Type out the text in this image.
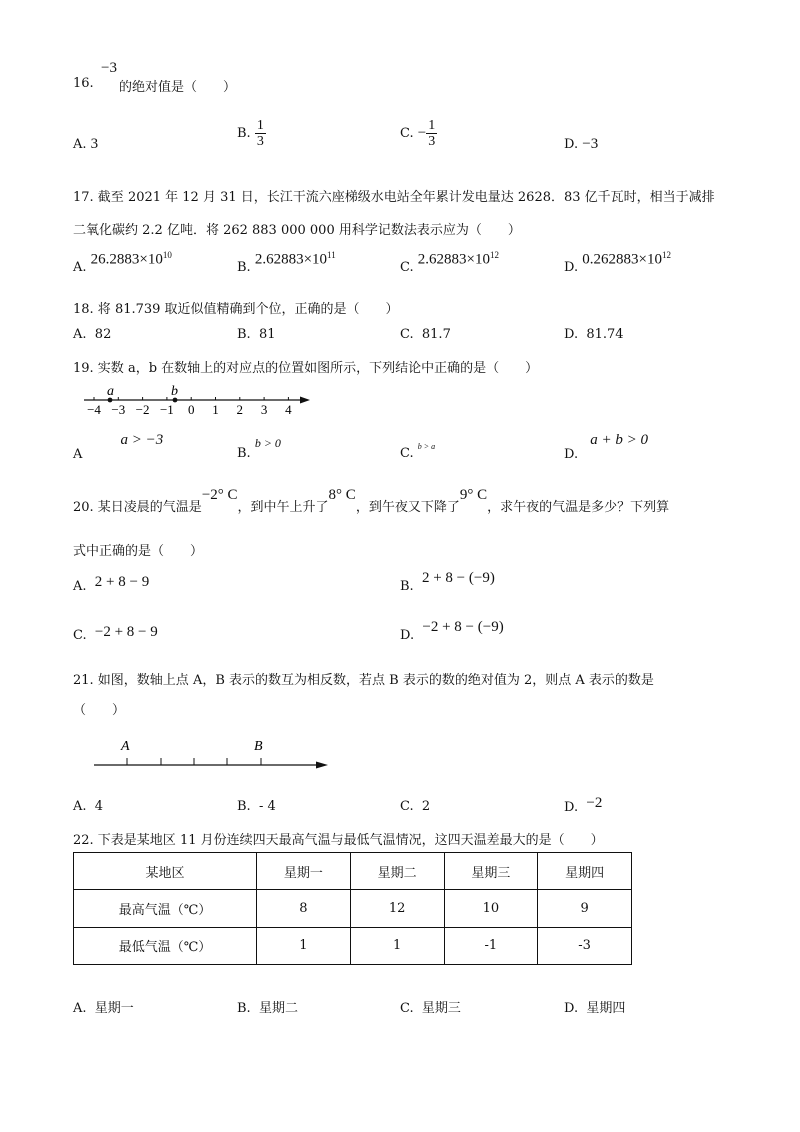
16.
−3
的绝对值是（　　）
A. 3
B. $\frac{1}{3}$	C. − $\frac{1}{3}$	D. −3
17. 截至 2021 年 12 月 31 日，长江干流六座梯级水电站全年累计发电量达 2628．83 亿千瓦时，相当于减排
二氧化碳约 2.2 亿吨．将 262 883 000 000 用科学记数法表示应为（　　）
A. $26.2883\times 10^{10}$
B. $2.62883\times 10^{11}$
C. $2.62883\times 10^{12}$
D. $0.262883\times 10^{12}$
18. 将 81.739 取近似值精确到个位，正确的是（　　）
A. 82	B. 81	C. 81.7	D. 81.74
19. 实数 a，b 在数轴上的对应点的位置如图所示，下列结论中正确的是（　　）
−4 −3 −2 −1 0 1 2 3 4
a	b
A a > −3
B. b > 0
C. $^{b > a}$
D. a + b > 0
20. 某日凌晨的气温是−2° C，到中午上升了8° C，到午夜又下降了9° C，求午夜的气温是多少？下列算
式中正确的是（　　）
A. 2 + 8 − 9	B.  2 + 8 − (−9)
C. −2 + 8 − 9	D.  −2 + 8 − (−9)
21. 如图，数轴上点 A，B 表示的数互为相反数，若点 B 表示的数的绝对值为 2，则点 A 表示的数是
（　　）
A	B
A. 4	B. - 4	C. 2	D. −2
22. 下表是某地区 11 月份连续四天最高气温与最低气温情况，这四天温差最大的是（　　）
某地区	星期一	星期二	星期三	星期四
最高气温（℃）	8	12	10	9
最低气温（℃）	1	1	-1	-3
A. 星期一	B. 星期二	C. 星期三	D. 星期四
